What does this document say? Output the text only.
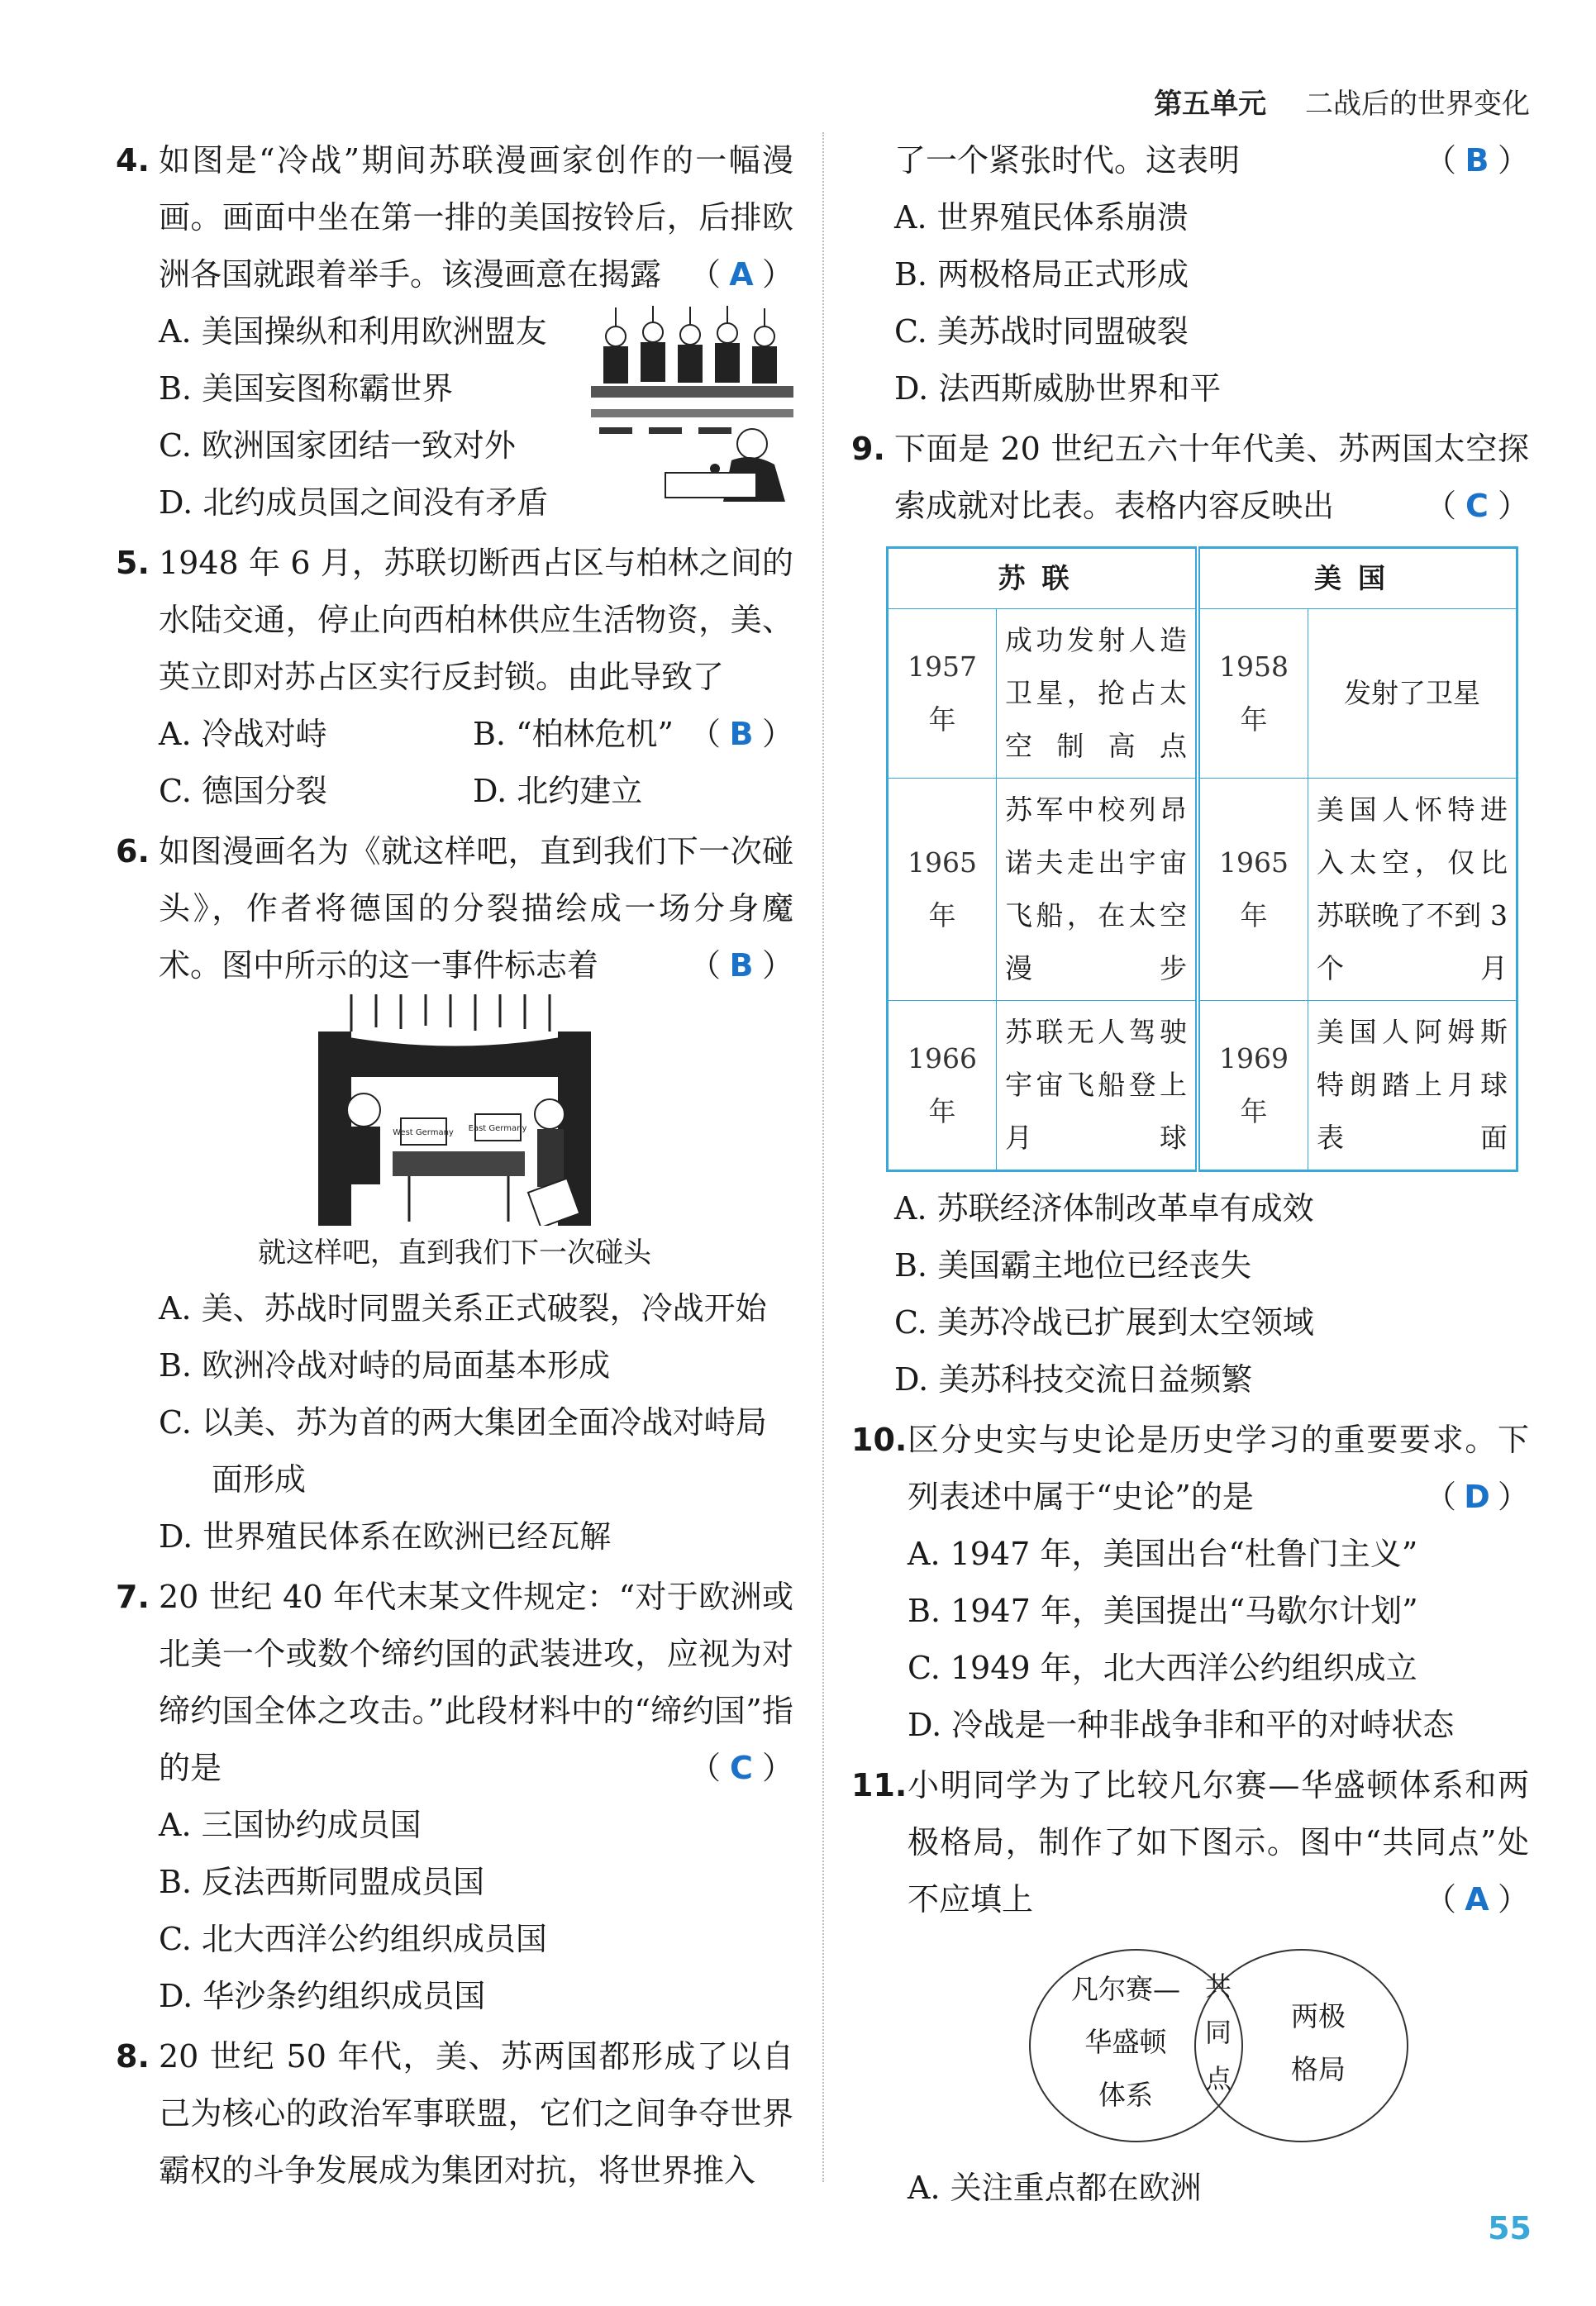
第五单元 二战后的世界变化
4. 如图是“冷战”期间苏联漫画家创作的一幅漫画。画面中坐在第一排的美国按铃后，后排欧洲各国就跟着举手。该漫画意在揭露 （ A ）
A. 美国操纵和利用欧洲盟友
B. 美国妄图称霸世界
C. 欧洲国家团结一致对外
D. 北约成员国之间没有矛盾
5. 1948 年 6 月，苏联切断西占区与柏林之间的水陆交通，停止向西柏林供应生活物资，美、英立即对苏占区实行反封锁。由此导致了
（ B ）
A. 冷战对峙	B. “柏林危机”
C. 德国分裂	D. 北约建立
6. 如图漫画名为《就这样吧，直到我们下一次碰头》，作者将德国的分裂描绘成一场分身魔术。图中所示的这一事件标志着	（ B ）
West Germany East Germany
就这样吧，直到我们下一次碰头
A. 美、苏战时同盟关系正式破裂，冷战开始
B. 欧洲冷战对峙的局面基本形成
C. 以美、苏为首的两大集团全面冷战对峙局面形成
D. 世界殖民体系在欧洲已经瓦解
7. 20 世纪 40 年代末某文件规定：“对于欧洲或北美一个或数个缔约国的武装进攻，应视为对缔约国全体之攻击。”此段材料中的“缔约国”指的是	（ C ）
A. 三国协约成员国
B. 反法西斯同盟成员国
C. 北大西洋公约组织成员国
D. 华沙条约组织成员国
8. 20 世纪 50 年代，美、苏两国都形成了以自己为核心的政治军事联盟，它们之间争夺世界霸权的斗争发展成为集团对抗，将世界推入
了一个紧张时代。这表明	（ B ）
A. 世界殖民体系崩溃
B. 两极格局正式形成
C. 美苏战时同盟破裂
D. 法西斯威胁世界和平
9. 下面是 20 世纪五六十年代美、苏两国太空探索成就对比表。表格内容反映出	（ C ）
苏联		美国	
1957 年	成功发射人造卫星，抢占太空制高点	1958 年	发射了卫星
1965 年	苏军中校列昂诺夫走出宇宙飞船，在太空漫步	1965 年	美国人怀特进入太空，仅比苏联晚了不到 3 个月
1966 年	苏联无人驾驶宇宙飞船登上月球	1969 年	美国人阿姆斯特朗踏上月球表面
A. 苏联经济体制改革卓有成效
B. 美国霸主地位已经丧失
C. 美苏冷战已扩展到太空领域
D. 美苏科技交流日益频繁
10. 区分史实与史论是历史学习的重要要求。下列表述中属于“史论”的是	（ D ）
A. 1947 年，美国出台“杜鲁门主义”
B. 1947 年，美国提出“马歇尔计划”
C. 1949 年，北大西洋公约组织成立
D. 冷战是一种非战争非和平的对峙状态
11. 小明同学为了比较凡尔赛—华盛顿体系和两极格局，制作了如下图示。图中“共同点”处不应填上	（ A ）
凡尔赛—
华盛顿
体系
共
同
点
两极
格局
A. 关注重点都在欧洲
55
